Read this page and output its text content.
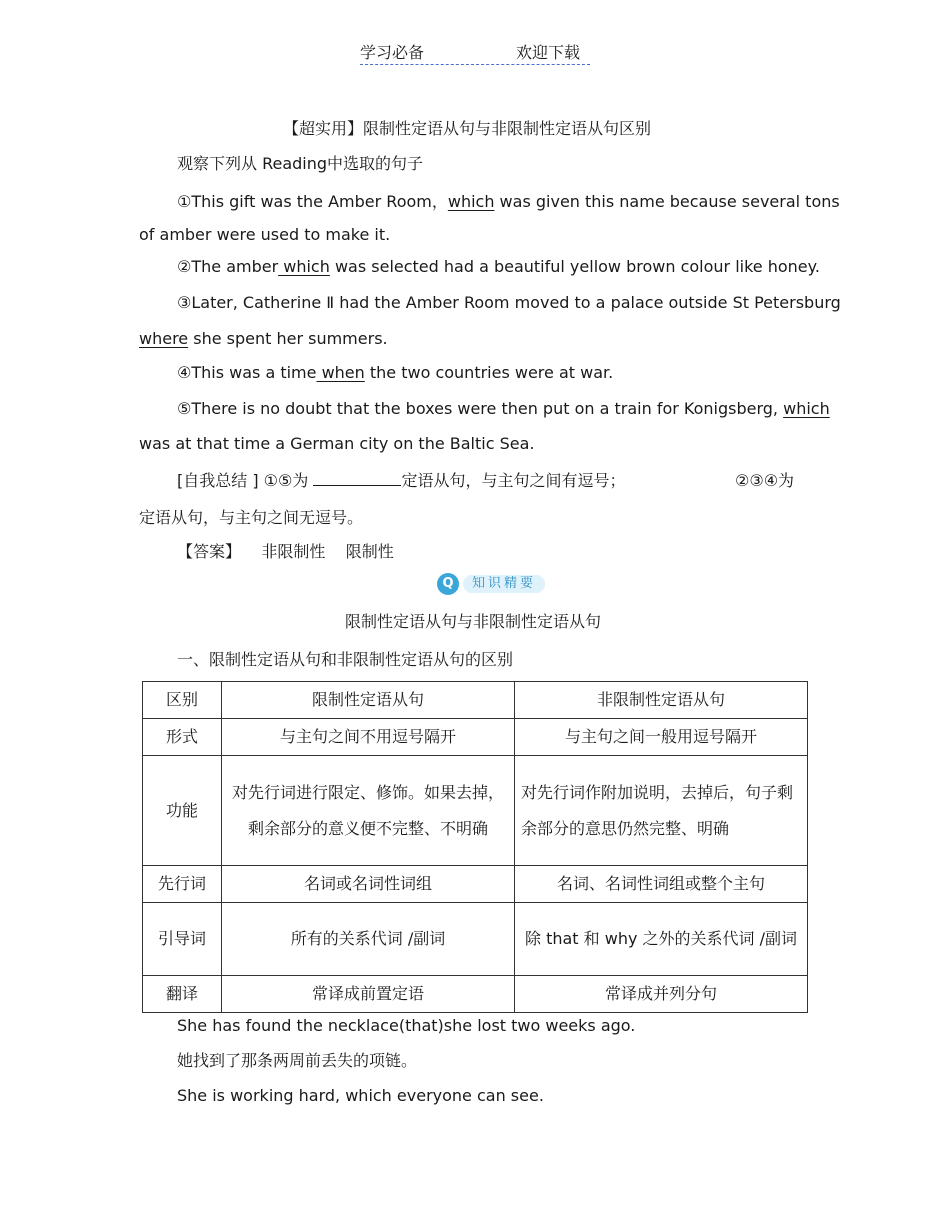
学习必备	欢迎下载
【超实用】限制性定语从句与非限制性定语从句区别
观察下列从 Reading中选取的句子
①This gift was the Amber Room，which was given this name because several tons
of amber were used to make it.
②The amber which was selected had a beautiful yellow brown colour like honey.
③Later, Catherine Ⅱ had the Amber Room moved to a palace outside St Petersburg
where she spent her summers.
④This was a time when the two countries were at war.
⑤There is no doubt that the boxes were then put on a train for Konigsberg, which
was at that time a German city on the Baltic Sea.
[自我总结 ] ①⑤为	定语从句，与主句之间有逗号；	②③④为
定语从句，与主句之间无逗号。
【答案】 非限制性 限制性
Q	知识精要
限制性定语从句与非限制性定语从句
一、限制性定语从句和非限制性定语从句的区别
区别	限制性定语从句	非限制性定语从句
形式	与主句之间不用逗号隔开	与主句之间一般用逗号隔开
功能	对先行词进行限定、修饰。如果去掉，剩余部分的意义便不完整、不明确	对先行词作附加说明，去掉后，句子剩余部分的意思仍然完整、明确
先行词	名词或名词性词组	名词、名词性词组或整个主句
引导词	所有的关系代词 /副词	除 that 和 why 之外的关系代词 /副词
翻译	常译成前置定语	常译成并列分句
She has found the necklace(that)she lost two weeks ago.
她找到了那条两周前丢失的项链。
She is working hard, which everyone can see.
